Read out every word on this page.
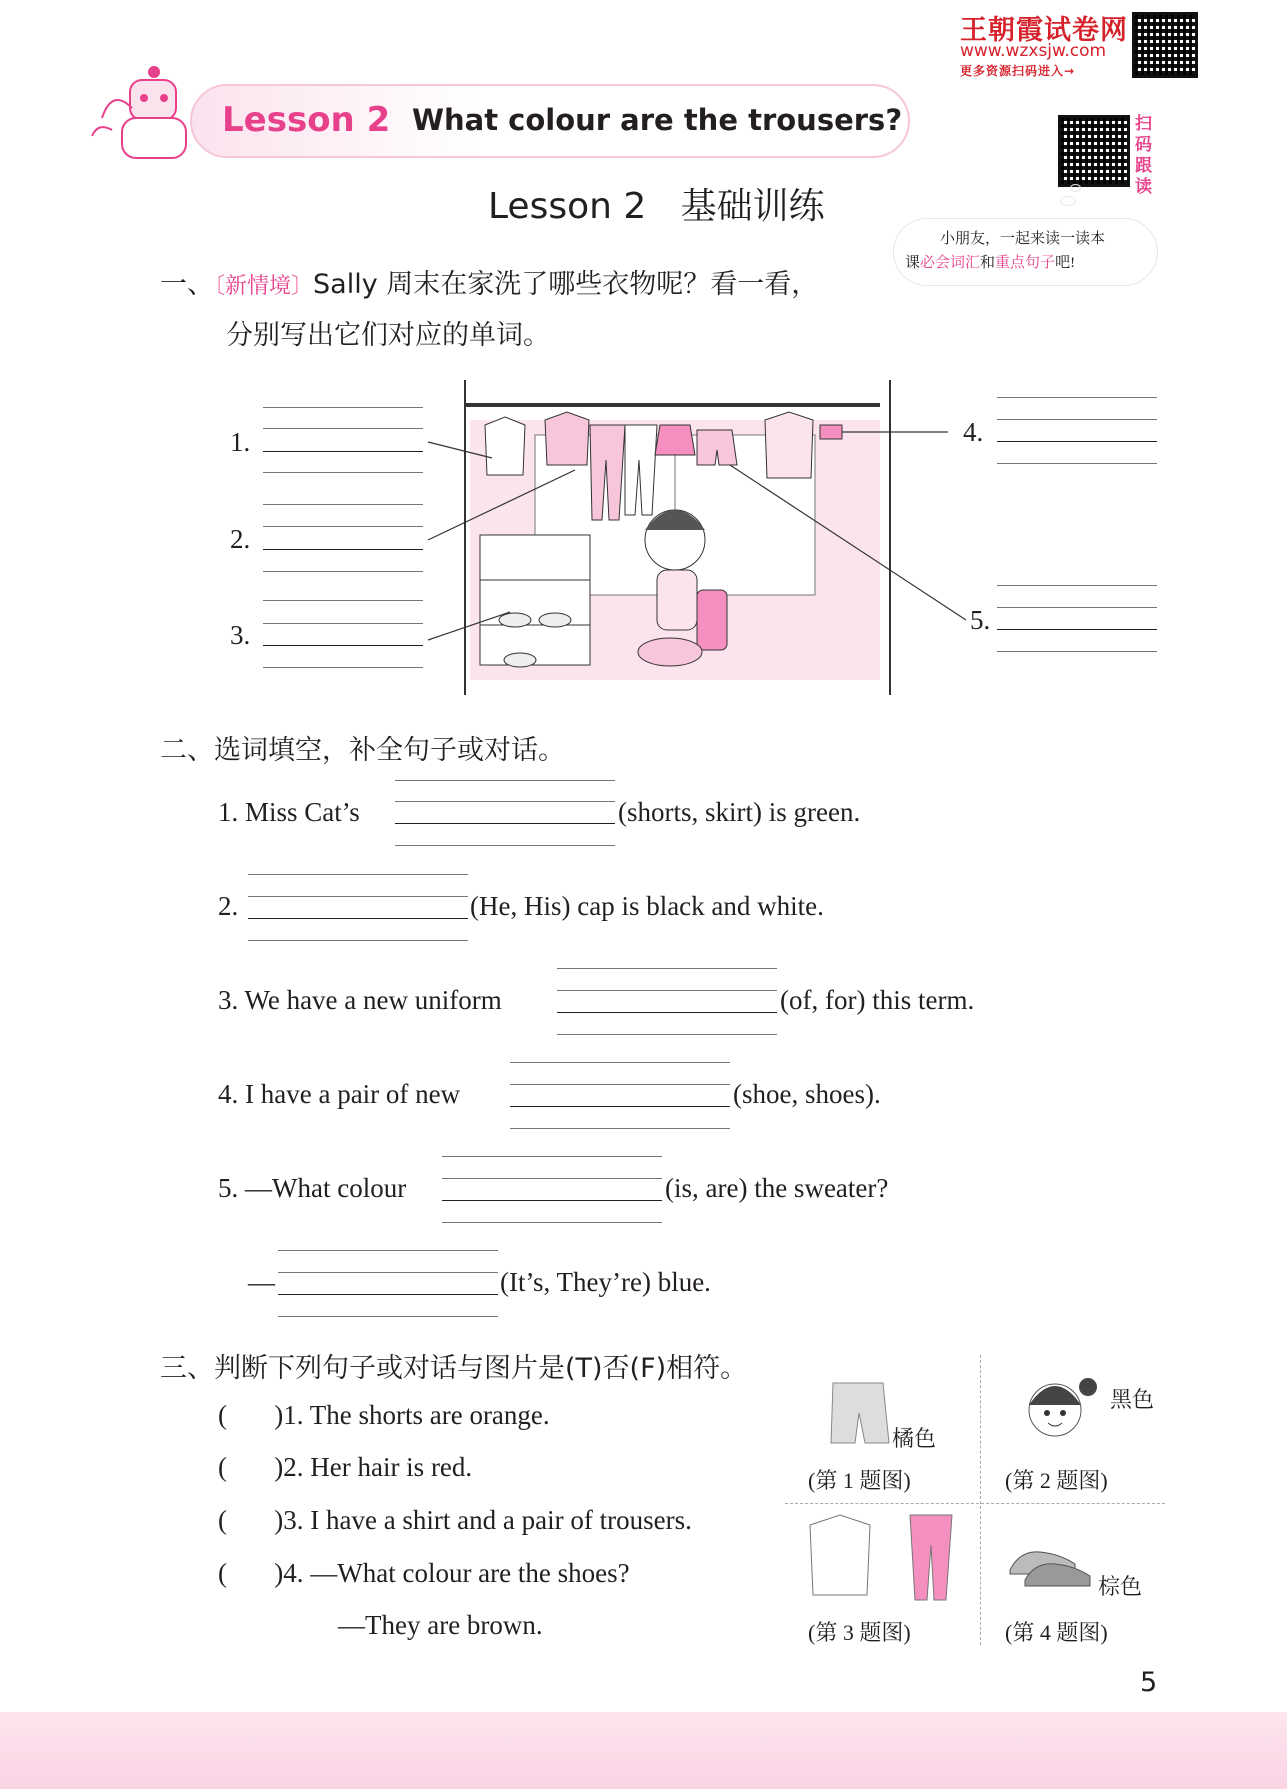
王朝霞试卷网
www.wzxsjw.com
更多资源扫码进入→
Lesson 2 What colour are the trousers?	扫
码
跟
读
Lesson 2   基础训练
小朋友，一起来读一读本
课必会词汇和重点句子吧!
一、〔新情境〕Sally 周末在家洗了哪些衣物呢？看一看，
分别写出它们对应的单词。
1.
2.
3.
4.
5.
二、选词填空，补全句子或对话。
1. Miss Cat’s	(shorts, skirt) is green.
2.	(He, His) cap is black and white.
3. We have a new uniform	(of, for) this term.
4. I have a pair of new	(shoe, shoes).
5. —What colour	(is, are) the sweater?
—	(It’s, They’re) blue.
三、判断下列句子或对话与图片是(T)否(F)相符。
(       )1. The shorts are orange.
(       )2. Her hair is red.
(       )3. I have a shirt and a pair of trousers.
(       )4. —What colour are the shoes?
—They are brown.
橘色
(第 1 题图)
黑色
(第 2 题图)
(第 3 题图)
棕色
(第 4 题图)
5
